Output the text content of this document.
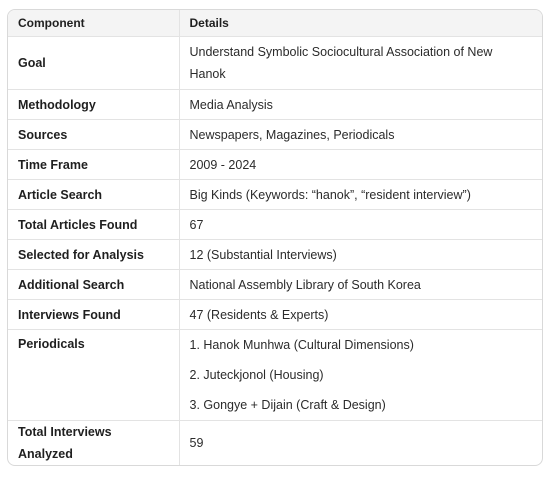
Component	Details
Goal	Understand Symbolic Sociocultural Association of New Hanok
Methodology	Media Analysis
Sources	Newspapers, Magazines, Periodicals
Time Frame	2009 - 2024
Article Search	Big Kinds (Keywords: “hanok”, “resident interview”)
Total Articles Found	67
Selected for Analysis	12 (Substantial Interviews)
Additional Search	National Assembly Library of South Korea
Interviews Found	47 (Residents & Experts)
Periodicals	1. Hanok Munhwa (Cultural Dimensions)
2. Juteckjonol (Housing)
3. Gongye + Dijain (Craft & Design)

Total Interviews Analyzed	59
